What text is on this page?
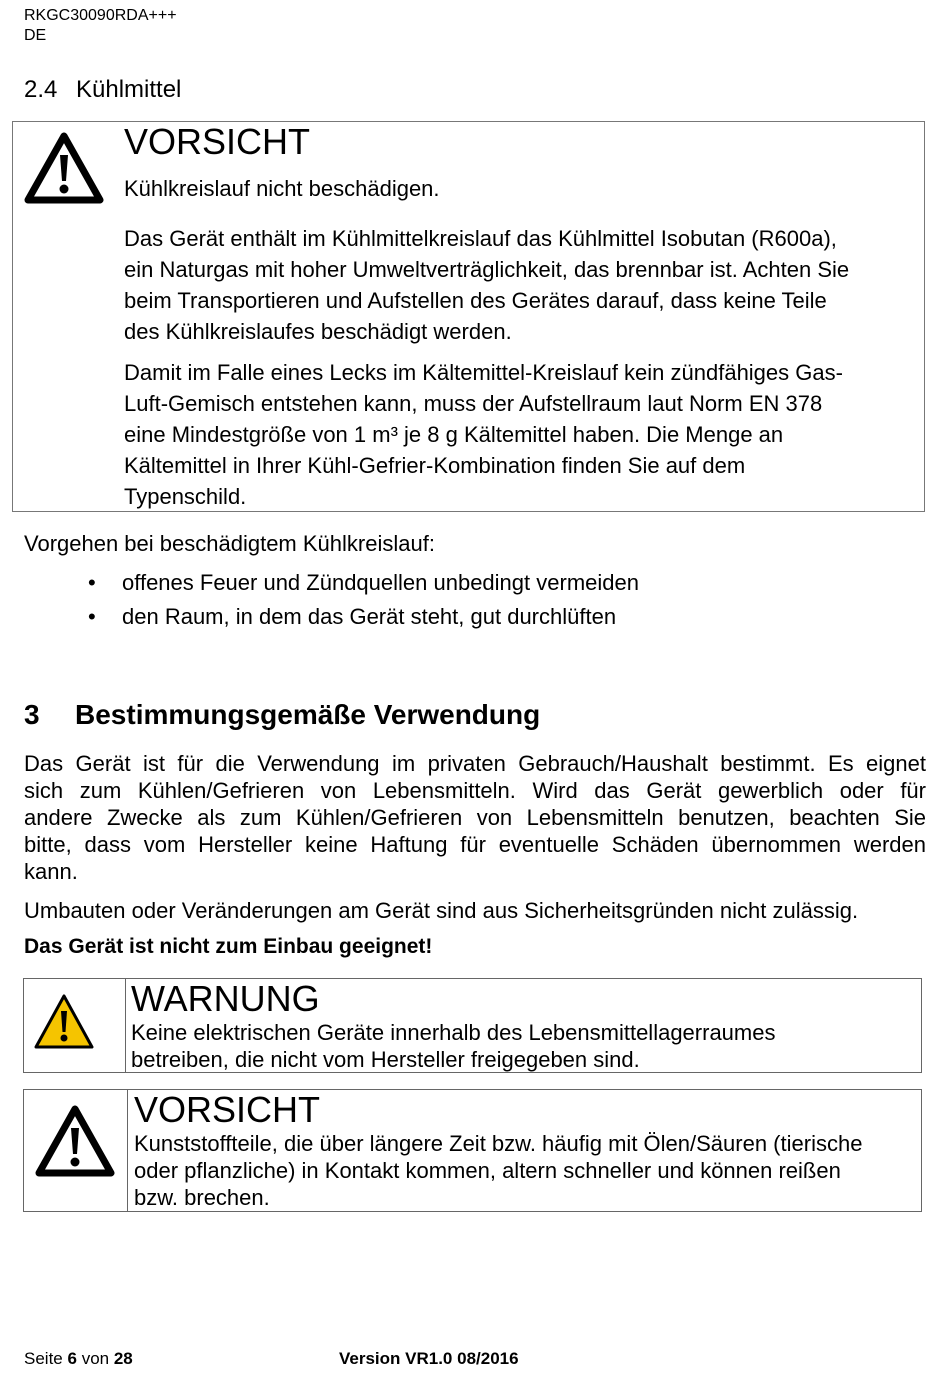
RKGC30090RDA+++
DE
2.4 Kühlmittel
VORSICHT
Kühlkreislauf nicht beschädigen.
Das Gerät enthält im Kühlmittelkreislauf das Kühlmittel Isobutan (R600a),
ein Naturgas mit hoher Umweltverträglichkeit, das brennbar ist. Achten Sie
beim Transportieren und Aufstellen des Gerätes darauf, dass keine Teile
des Kühlkreislaufes beschädigt werden.
Damit im Falle eines Lecks im Kältemittel-Kreislauf kein zündfähiges Gas-
Luft-Gemisch entstehen kann, muss der Aufstellraum laut Norm EN 378
eine Mindestgröße von 1 m³ je 8 g Kältemittel haben. Die Menge an
Kältemittel in Ihrer Kühl-Gefrier-Kombination finden Sie auf dem
Typenschild.
Vorgehen bei beschädigtem Kühlkreislauf:
• offenes Feuer und Zündquellen unbedingt vermeiden
• den Raum, in dem das Gerät steht, gut durchlüften
3 Bestimmungsgemäße Verwendung
Das Gerät ist für die Verwendung im privaten Gebrauch/Haushalt bestimmt. Es eignet
sich zum Kühlen/Gefrieren von Lebensmitteln. Wird das Gerät gewerblich oder für
andere Zwecke als zum Kühlen/Gefrieren von Lebensmitteln benutzen, beachten Sie
bitte, dass vom Hersteller keine Haftung für eventuelle Schäden übernommen werden
kann.
Umbauten oder Veränderungen am Gerät sind aus Sicherheitsgründen nicht zulässig.
Das Gerät ist nicht zum Einbau geeignet!
WARNUNG
Keine elektrischen Geräte innerhalb des Lebensmittellagerraumes
betreiben, die nicht vom Hersteller freigegeben sind.
VORSICHT
Kunststoffteile, die über längere Zeit bzw. häufig mit Ölen/Säuren (tierische
oder pflanzliche) in Kontakt kommen, altern schneller und können reißen
bzw. brechen.
Seite 6 von 28	Version VR1.0 08/2016
